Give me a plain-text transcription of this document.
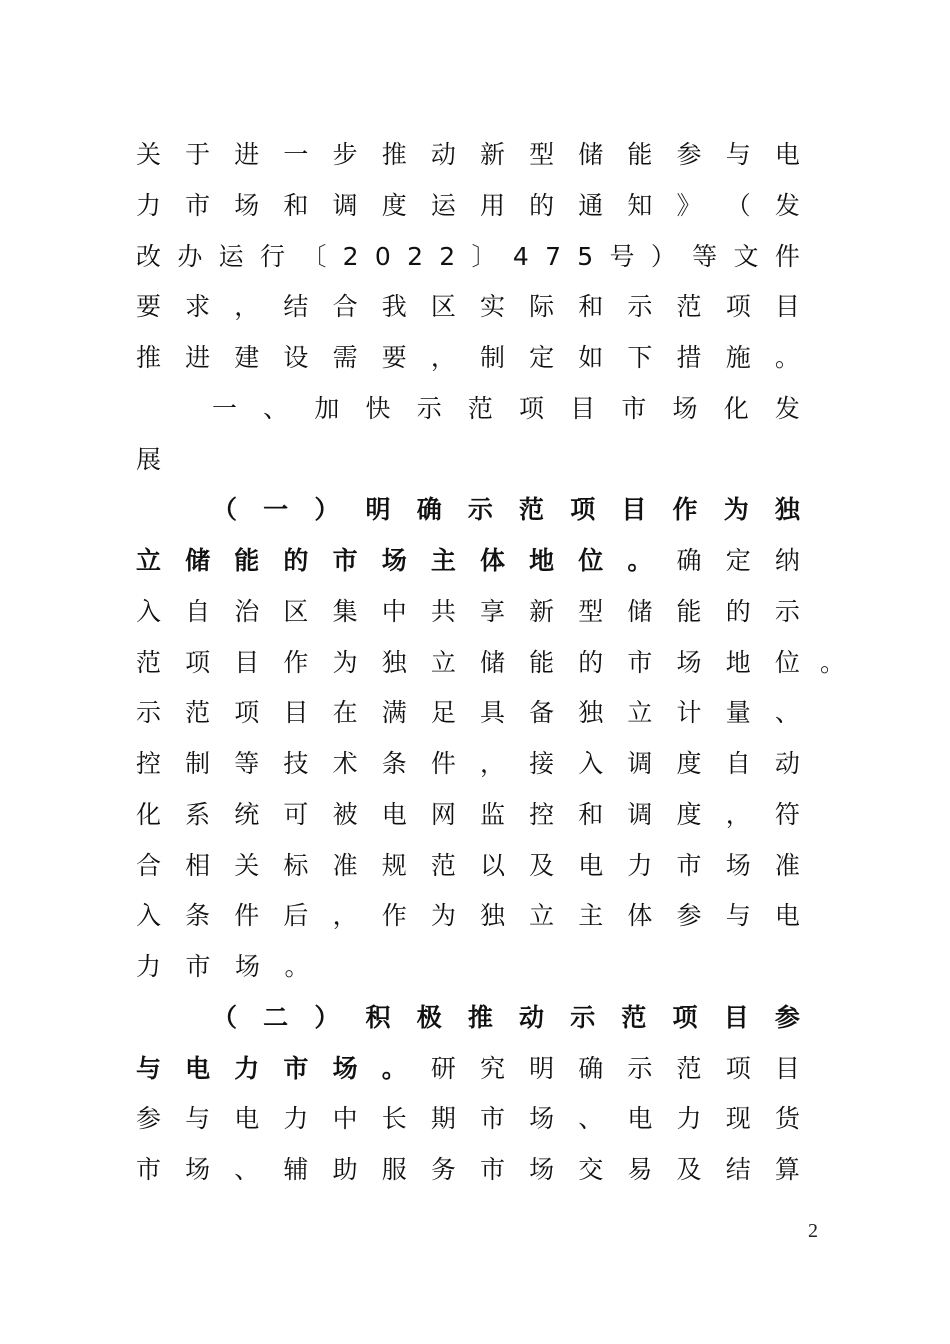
关 于 进 一 步 推 动 新 型 储 能 参 与 电
力 市 场 和 调 度 运 用 的 通 知 》 （ 发
改 办 运 行 〔 2 0 2 2 〕 4 7 5 号 ） 等 文 件
要 求 ， 结 合 我 区 实 际 和 示 范 项 目
推 进 建 设 需 要 ， 制 定 如 下 措 施 。
一 、 加 快 示 范 项 目 市 场 化 发
展
（ 一 ） 明 确 示 范 项 目 作 为 独
立 储 能 的 市 场 主 体 地 位 。 确 定 纳
入 自 治 区 集 中 共 享 新 型 储 能 的 示
范 项 目 作 为 独 立 储 能 的 市 场 地 位 。
示 范 项 目 在 满 足 具 备 独 立 计 量 、
控 制 等 技 术 条 件 ， 接 入 调 度 自 动
化 系 统 可 被 电 网 监 控 和 调 度 ， 符
合 相 关 标 准 规 范 以 及 电 力 市 场 准
入 条 件 后 ， 作 为 独 立 主 体 参 与 电
力市场。
（ 二 ） 积 极 推 动 示 范 项 目 参
与 电 力 市 场 。 研 究 明 确 示 范 项 目
参 与 电 力 中 长 期 市 场 、 电 力 现 货
市 场 、 辅 助 服 务 市 场 交 易 及 结 算
2
